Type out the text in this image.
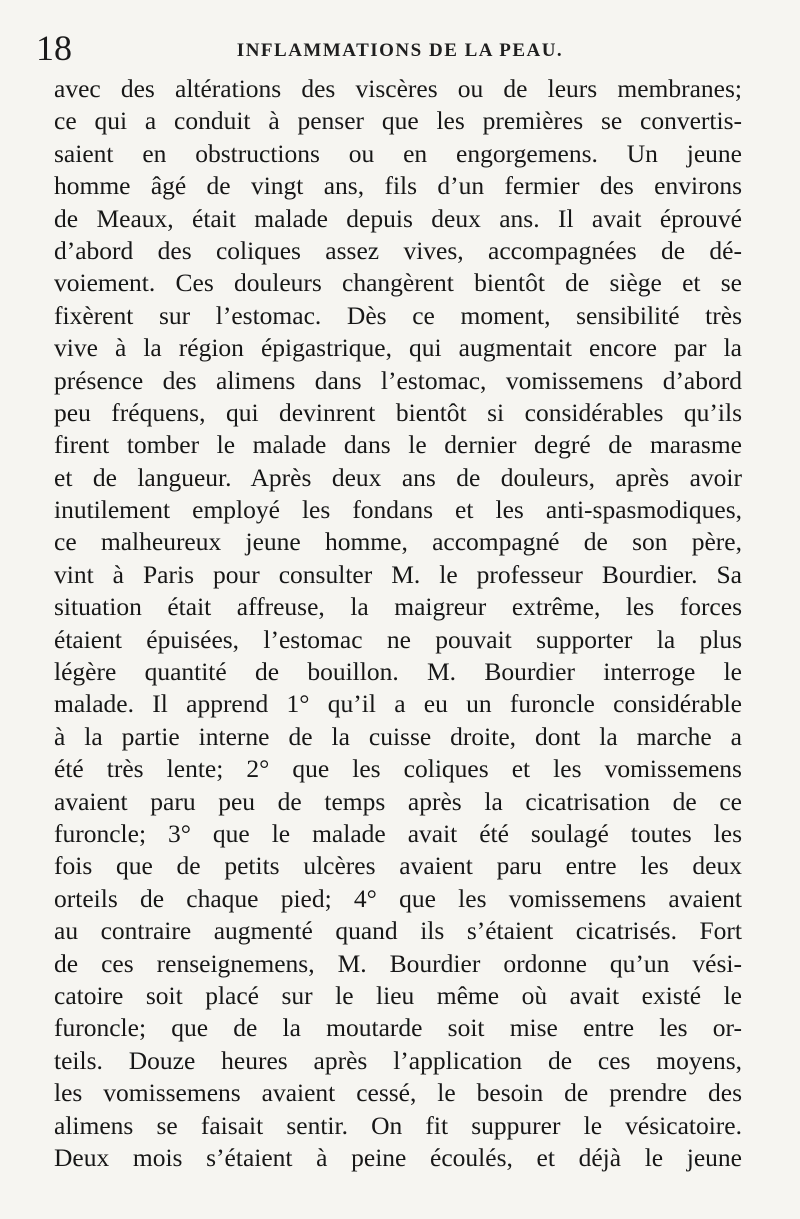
18	INFLAMMATIONS DE LA PEAU.
avec des altérations des viscères ou de leurs membranes;
ce qui a conduit à penser que les premières se convertis-
saient en obstructions ou en engorgemens. Un jeune
homme âgé de vingt ans, fils d’un fermier des environs
de Meaux, était malade depuis deux ans. Il avait éprouvé
d’abord des coliques assez vives, accompagnées de dé-
voiement. Ces douleurs changèrent bientôt de siège et se
fixèrent sur l’estomac. Dès ce moment, sensibilité très
vive à la région épigastrique, qui augmentait encore par la
présence des alimens dans l’estomac, vomissemens d’abord
peu fréquens, qui devinrent bientôt si considérables qu’ils
firent tomber le malade dans le dernier degré de marasme
et de langueur. Après deux ans de douleurs, après avoir
inutilement employé les fondans et les anti-spasmodiques,
ce malheureux jeune homme, accompagné de son père,
vint à Paris pour consulter M. le professeur Bourdier. Sa
situation était affreuse, la maigreur extrême, les forces
étaient épuisées, l’estomac ne pouvait supporter la plus
légère quantité de bouillon. M. Bourdier interroge le
malade. Il apprend 1° qu’il a eu un furoncle considérable
à la partie interne de la cuisse droite, dont la marche a
été très lente; 2° que les coliques et les vomissemens
avaient paru peu de temps après la cicatrisation de ce
furoncle; 3° que le malade avait été soulagé toutes les
fois que de petits ulcères avaient paru entre les deux
orteils de chaque pied; 4° que les vomissemens avaient
au contraire augmenté quand ils s’étaient cicatrisés. Fort
de ces renseignemens, M. Bourdier ordonne qu’un vési-
catoire soit placé sur le lieu même où avait existé le
furoncle; que de la moutarde soit mise entre les or-
teils. Douze heures après l’application de ces moyens,
les vomissemens avaient cessé, le besoin de prendre des
alimens se faisait sentir. On fit suppurer le vésicatoire.
Deux mois s’étaient à peine écoulés, et déjà le jeune
